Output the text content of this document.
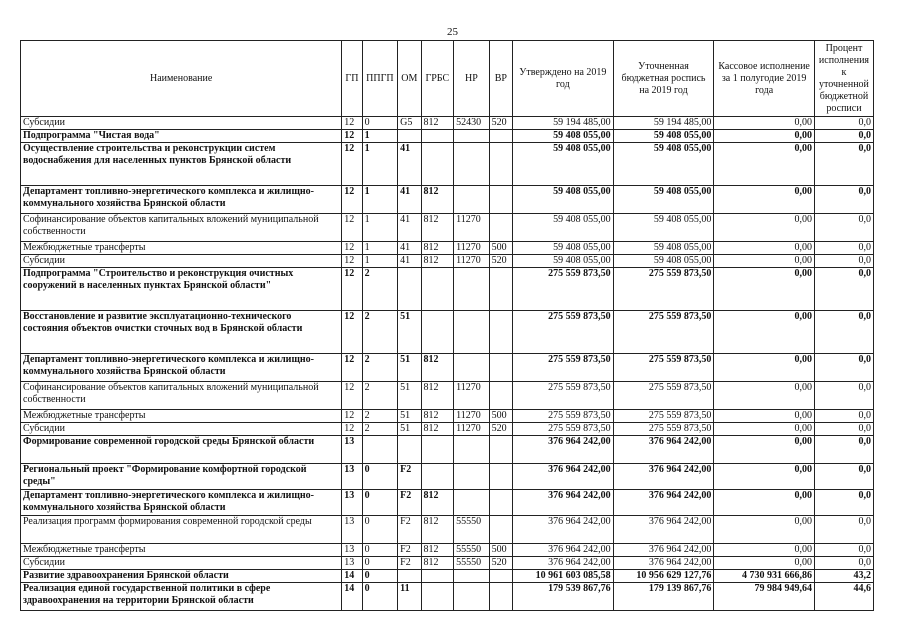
25
Наименование	ГП	ППГП	ОМ	ГРБС	НР	ВР	Утверждено на 2019 год	Уточненная бюджетная роспись на 2019 год	Кассовое исполнение за 1 полугодие 2019 года	Процент исполнения к уточненной бюджетной росписи
Субсидии	12	0	G5	812	52430	520	59 194 485,00	59 194 485,00	0,00	0,0
Подпрограмма "Чистая вода"	12	1					59 408 055,00	59 408 055,00	0,00	0,0
Осуществление строительства и реконструкции систем водоснабжения для населенных пунктов Брянской области	12	1	41				59 408 055,00	59 408 055,00	0,00	0,0
Департамент топливно-энергетического комплекса и жилищно-коммунального хозяйства Брянской области	12	1	41	812			59 408 055,00	59 408 055,00	0,00	0,0
Софинансирование объектов капитальных вложений муниципальной собственности	12	1	41	812	11270		59 408 055,00	59 408 055,00	0,00	0,0
Межбюджетные трансферты	12	1	41	812	11270	500	59 408 055,00	59 408 055,00	0,00	0,0
Субсидии	12	1	41	812	11270	520	59 408 055,00	59 408 055,00	0,00	0,0
Подпрограмма "Строительство и реконструкция очистных сооружений в населенных пунктах Брянской области"	12	2					275 559 873,50	275 559 873,50	0,00	0,0
Восстановление и развитие эксплуатационно-технического состояния объектов очистки сточных вод в Брянской области	12	2	51				275 559 873,50	275 559 873,50	0,00	0,0
Департамент топливно-энергетического комплекса и жилищно-коммунального хозяйства Брянской области	12	2	51	812			275 559 873,50	275 559 873,50	0,00	0,0
Софинансирование объектов капитальных вложений муниципальной собственности	12	2	51	812	11270		275 559 873,50	275 559 873,50	0,00	0,0
Межбюджетные трансферты	12	2	51	812	11270	500	275 559 873,50	275 559 873,50	0,00	0,0
Субсидии	12	2	51	812	11270	520	275 559 873,50	275 559 873,50	0,00	0,0
Формирование современной городской среды Брянской области	13						376 964 242,00	376 964 242,00	0,00	0,0
Региональный проект "Формирование комфортной городской среды"	13	0	F2				376 964 242,00	376 964 242,00	0,00	0,0
Департамент топливно-энергетического комплекса и жилищно-коммунального хозяйства Брянской области	13	0	F2	812			376 964 242,00	376 964 242,00	0,00	0,0
Реализация программ формирования современной городской среды	13	0	F2	812	55550		376 964 242,00	376 964 242,00	0,00	0,0
Межбюджетные трансферты	13	0	F2	812	55550	500	376 964 242,00	376 964 242,00	0,00	0,0
Субсидии	13	0	F2	812	55550	520	376 964 242,00	376 964 242,00	0,00	0,0
Развитие здравоохранения Брянской области	14	0					10 961 603 085,58	10 956 629 127,76	4 730 931 666,86	43,2
Реализация единой государственной политики в сфере здравоохранения на территории Брянской области	14	0	11				179 539 867,76	179 139 867,76	79 984 949,64	44,6
